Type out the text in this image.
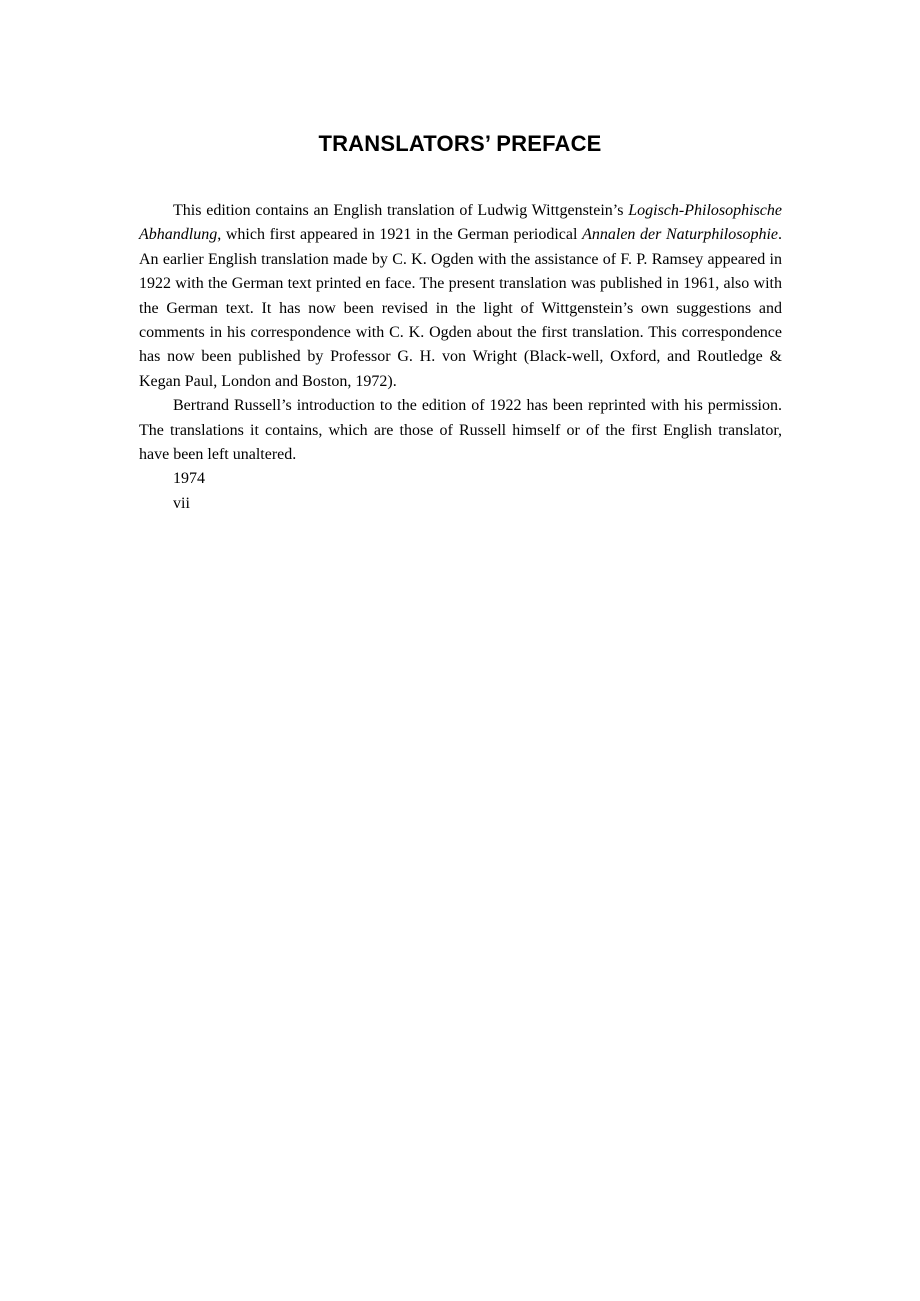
TRANSLATORS’ PREFACE

This edition contains an English translation of Ludwig Wittgenstein’s Logisch-Philosophische Abhandlung, which first appeared in 1921 in the German periodical Annalen der Naturphilosophie. An earlier English translation made by C. K. Ogden with the assistance of F. P. Ramsey appeared in 1922 with the German text printed en face. The present translation was published in 1961, also with the German text. It has now been revised in the light of Wittgenstein’s own suggestions and comments in his correspondence with C. K. Ogden about the first translation. This correspondence has now been published by Professor G. H. von Wright (Black-well, Oxford, and Routledge & Kegan Paul, London and Boston, 1972).

Bertrand Russell’s introduction to the edition of 1922 has been reprinted with his permission. The translations it contains, which are those of Russell himself or of the first English translator, have been left unaltered.

1974

vii
